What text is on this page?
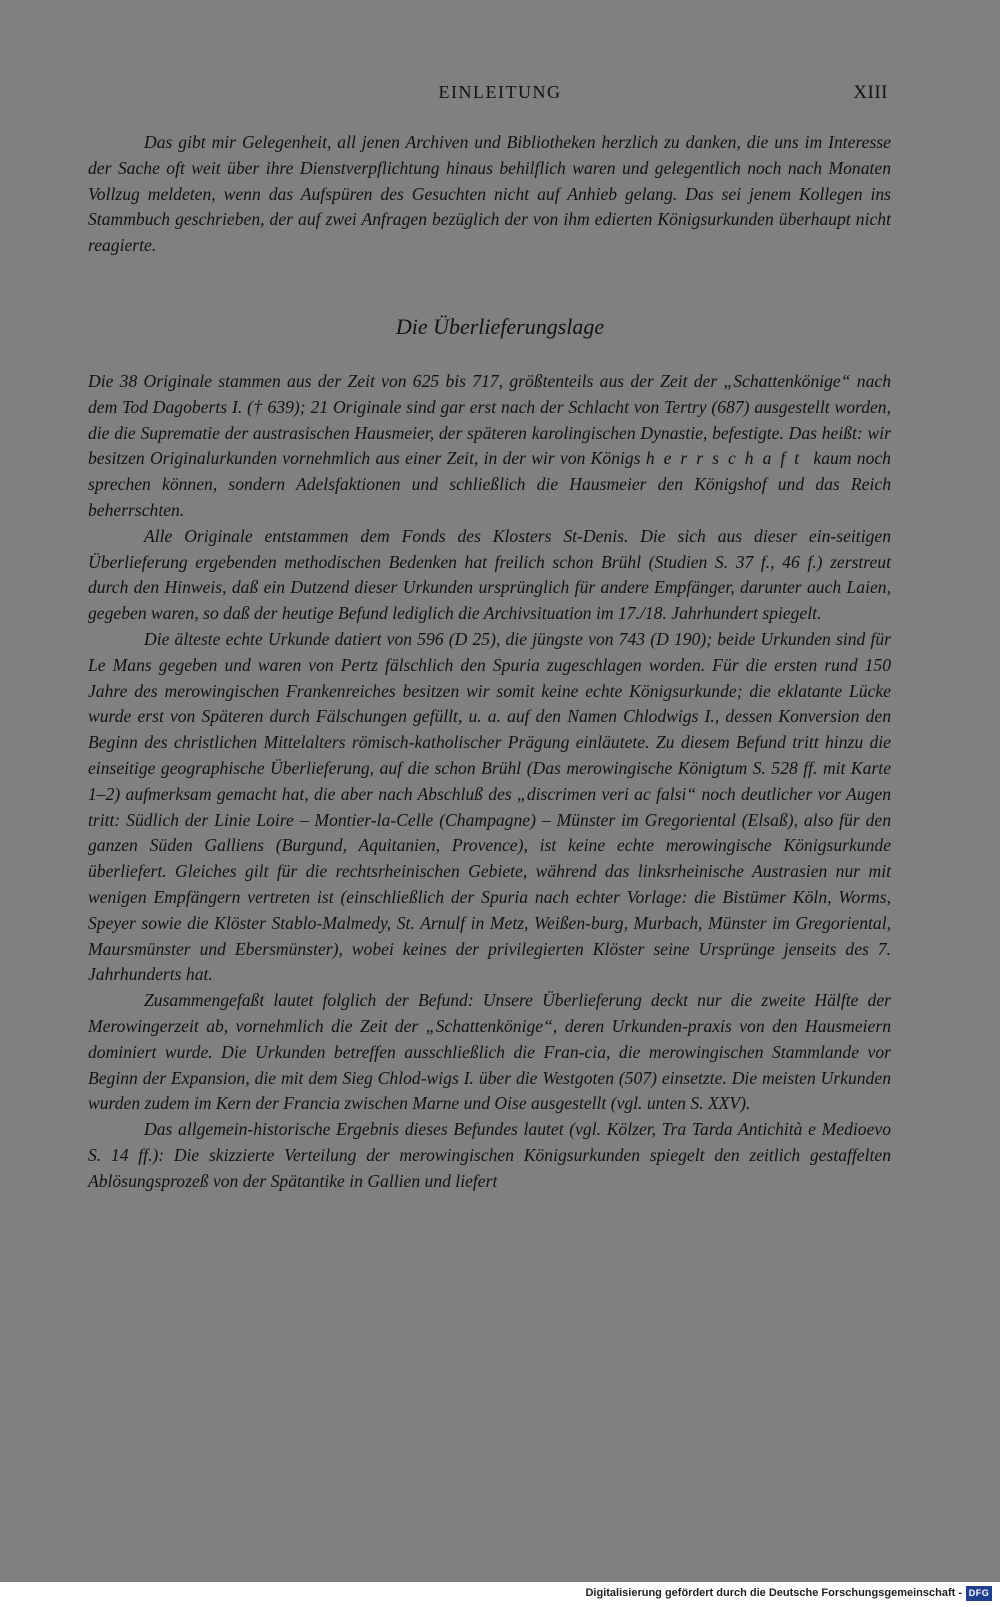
EINLEITUNG	XIII

Das gibt mir Gelegenheit, all jenen Archiven und Bibliotheken herzlich zu danken, die uns im Interesse der Sache oft weit über ihre Dienstverpflichtung hinaus behilflich waren und gelegentlich noch nach Monaten Vollzug meldeten, wenn das Aufspüren des Gesuchten nicht auf Anhieb gelang. Das sei jenem Kollegen ins Stammbuch geschrieben, der auf zwei Anfragen bezüglich der von ihm edierten Königsurkunden überhaupt nicht reagierte.

Die Überlieferungslage

Die 38 Originale stammen aus der Zeit von 625 bis 717, größtenteils aus der Zeit der „Schattenkönige“ nach dem Tod Dagoberts I. († 639); 21 Originale sind gar erst nach der Schlacht von Tertry (687) ausgestellt worden, die die Suprematie der austrasischen Hausmeier, der späteren karolingischen Dynastie, befestigte. Das heißt: wir besitzen Originalurkunden vornehmlich aus einer Zeit, in der wir von Königs herrschaft kaum noch sprechen können, sondern Adelsfaktionen und schließlich die Hausmeier den Königshof und das Reich beherrschten.

Alle Originale entstammen dem Fonds des Klosters St-Denis. Die sich aus dieser ein-seitigen Überlieferung ergebenden methodischen Bedenken hat freilich schon Brühl (Studien S. 37 f., 46 f.) zerstreut durch den Hinweis, daß ein Dutzend dieser Urkunden ursprünglich für andere Empfänger, darunter auch Laien, gegeben waren, so daß der heutige Befund lediglich die Archivsituation im 17./18. Jahrhundert spiegelt.

Die älteste echte Urkunde datiert von 596 (D 25), die jüngste von 743 (D 190); beide Urkunden sind für Le Mans gegeben und waren von Pertz fälschlich den Spuria zugeschlagen worden. Für die ersten rund 150 Jahre des merowingischen Frankenreiches besitzen wir somit keine echte Königsurkunde; die eklatante Lücke wurde erst von Späteren durch Fälschungen gefüllt, u. a. auf den Namen Chlodwigs I., dessen Konversion den Beginn des christlichen Mittelalters römisch-katholischer Prägung einläutete. Zu diesem Befund tritt hinzu die einseitige geographische Überlieferung, auf die schon Brühl (Das merowingische Königtum S. 528 ff. mit Karte 1–2) aufmerksam gemacht hat, die aber nach Abschluß des „discrimen veri ac falsi“ noch deutlicher vor Augen tritt: Südlich der Linie Loire – Montier-la-Celle (Champagne) – Münster im Gregoriental (Elsaß), also für den ganzen Süden Galliens (Burgund, Aquitanien, Provence), ist keine echte merowingische Königsurkunde überliefert. Gleiches gilt für die rechtsrheinischen Gebiete, während das linksrheinische Austrasien nur mit wenigen Empfängern vertreten ist (einschließlich der Spuria nach echter Vorlage: die Bistümer Köln, Worms, Speyer sowie die Klöster Stablo-Malmedy, St. Arnulf in Metz, Weißen-burg, Murbach, Münster im Gregoriental, Maursmünster und Ebersmünster), wobei keines der privilegierten Klöster seine Ursprünge jenseits des 7. Jahrhunderts hat.

Zusammengefaßt lautet folglich der Befund: Unsere Überlieferung deckt nur die zweite Hälfte der Merowingerzeit ab, vornehmlich die Zeit der „Schattenkönige“, deren Urkunden-praxis von den Hausmeiern dominiert wurde. Die Urkunden betreffen ausschließlich die Fran-cia, die merowingischen Stammlande vor Beginn der Expansion, die mit dem Sieg Chlod-wigs I. über die Westgoten (507) einsetzte. Die meisten Urkunden wurden zudem im Kern der Francia zwischen Marne und Oise ausgestellt (vgl. unten S. XXV).

Das allgemein-historische Ergebnis dieses Befundes lautet (vgl. Kölzer, Tra Tarda Antichità e Medioevo S. 14 ff.): Die skizzierte Verteilung der merowingischen Königsurkunden spiegelt den zeitlich gestaffelten Ablösungsprozeß von der Spätantike in Gallien und liefert

Digitalisierung gefördert durch die Deutsche Forschungsgemeinschaft - DFG
